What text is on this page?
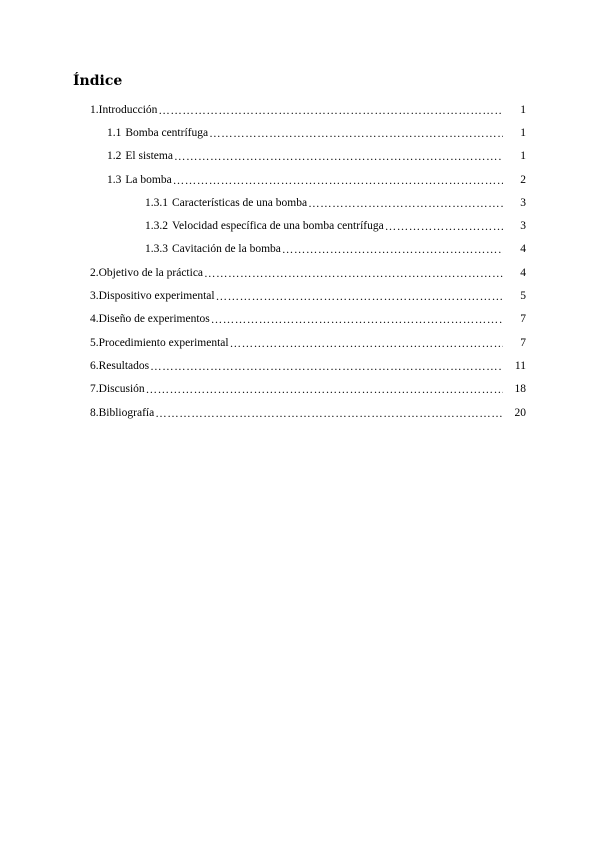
Índice
1. Introducción ……………………………………………………………………………………………………………………………………………………………………	1
1.1 Bomba centrífuga ……………………………………………………………………………………………………………………………………………………………………	1
1.2 El sistema ……………………………………………………………………………………………………………………………………………………………………	1
1.3 La bomba ……………………………………………………………………………………………………………………………………………………………………	2
1.3.1 Características de una bomba ……………………………………………………………………………………………………………………………………………………………………	3
1.3.2 Velocidad específica de una bomba centrífuga ……………………………………………………………………………………………………………………………………………………………………	3
1.3.3 Cavitación de la bomba ……………………………………………………………………………………………………………………………………………………………………	4
2. Objetivo de la práctica ……………………………………………………………………………………………………………………………………………………………………	4
3. Dispositivo experimental ……………………………………………………………………………………………………………………………………………………………………	5
4. Diseño de experimentos ……………………………………………………………………………………………………………………………………………………………………	7
5. Procedimiento experimental ……………………………………………………………………………………………………………………………………………………………………	7
6. Resultados ……………………………………………………………………………………………………………………………………………………………………	11
7. Discusión ……………………………………………………………………………………………………………………………………………………………………	18
8. Bibliografía ……………………………………………………………………………………………………………………………………………………………………	20
